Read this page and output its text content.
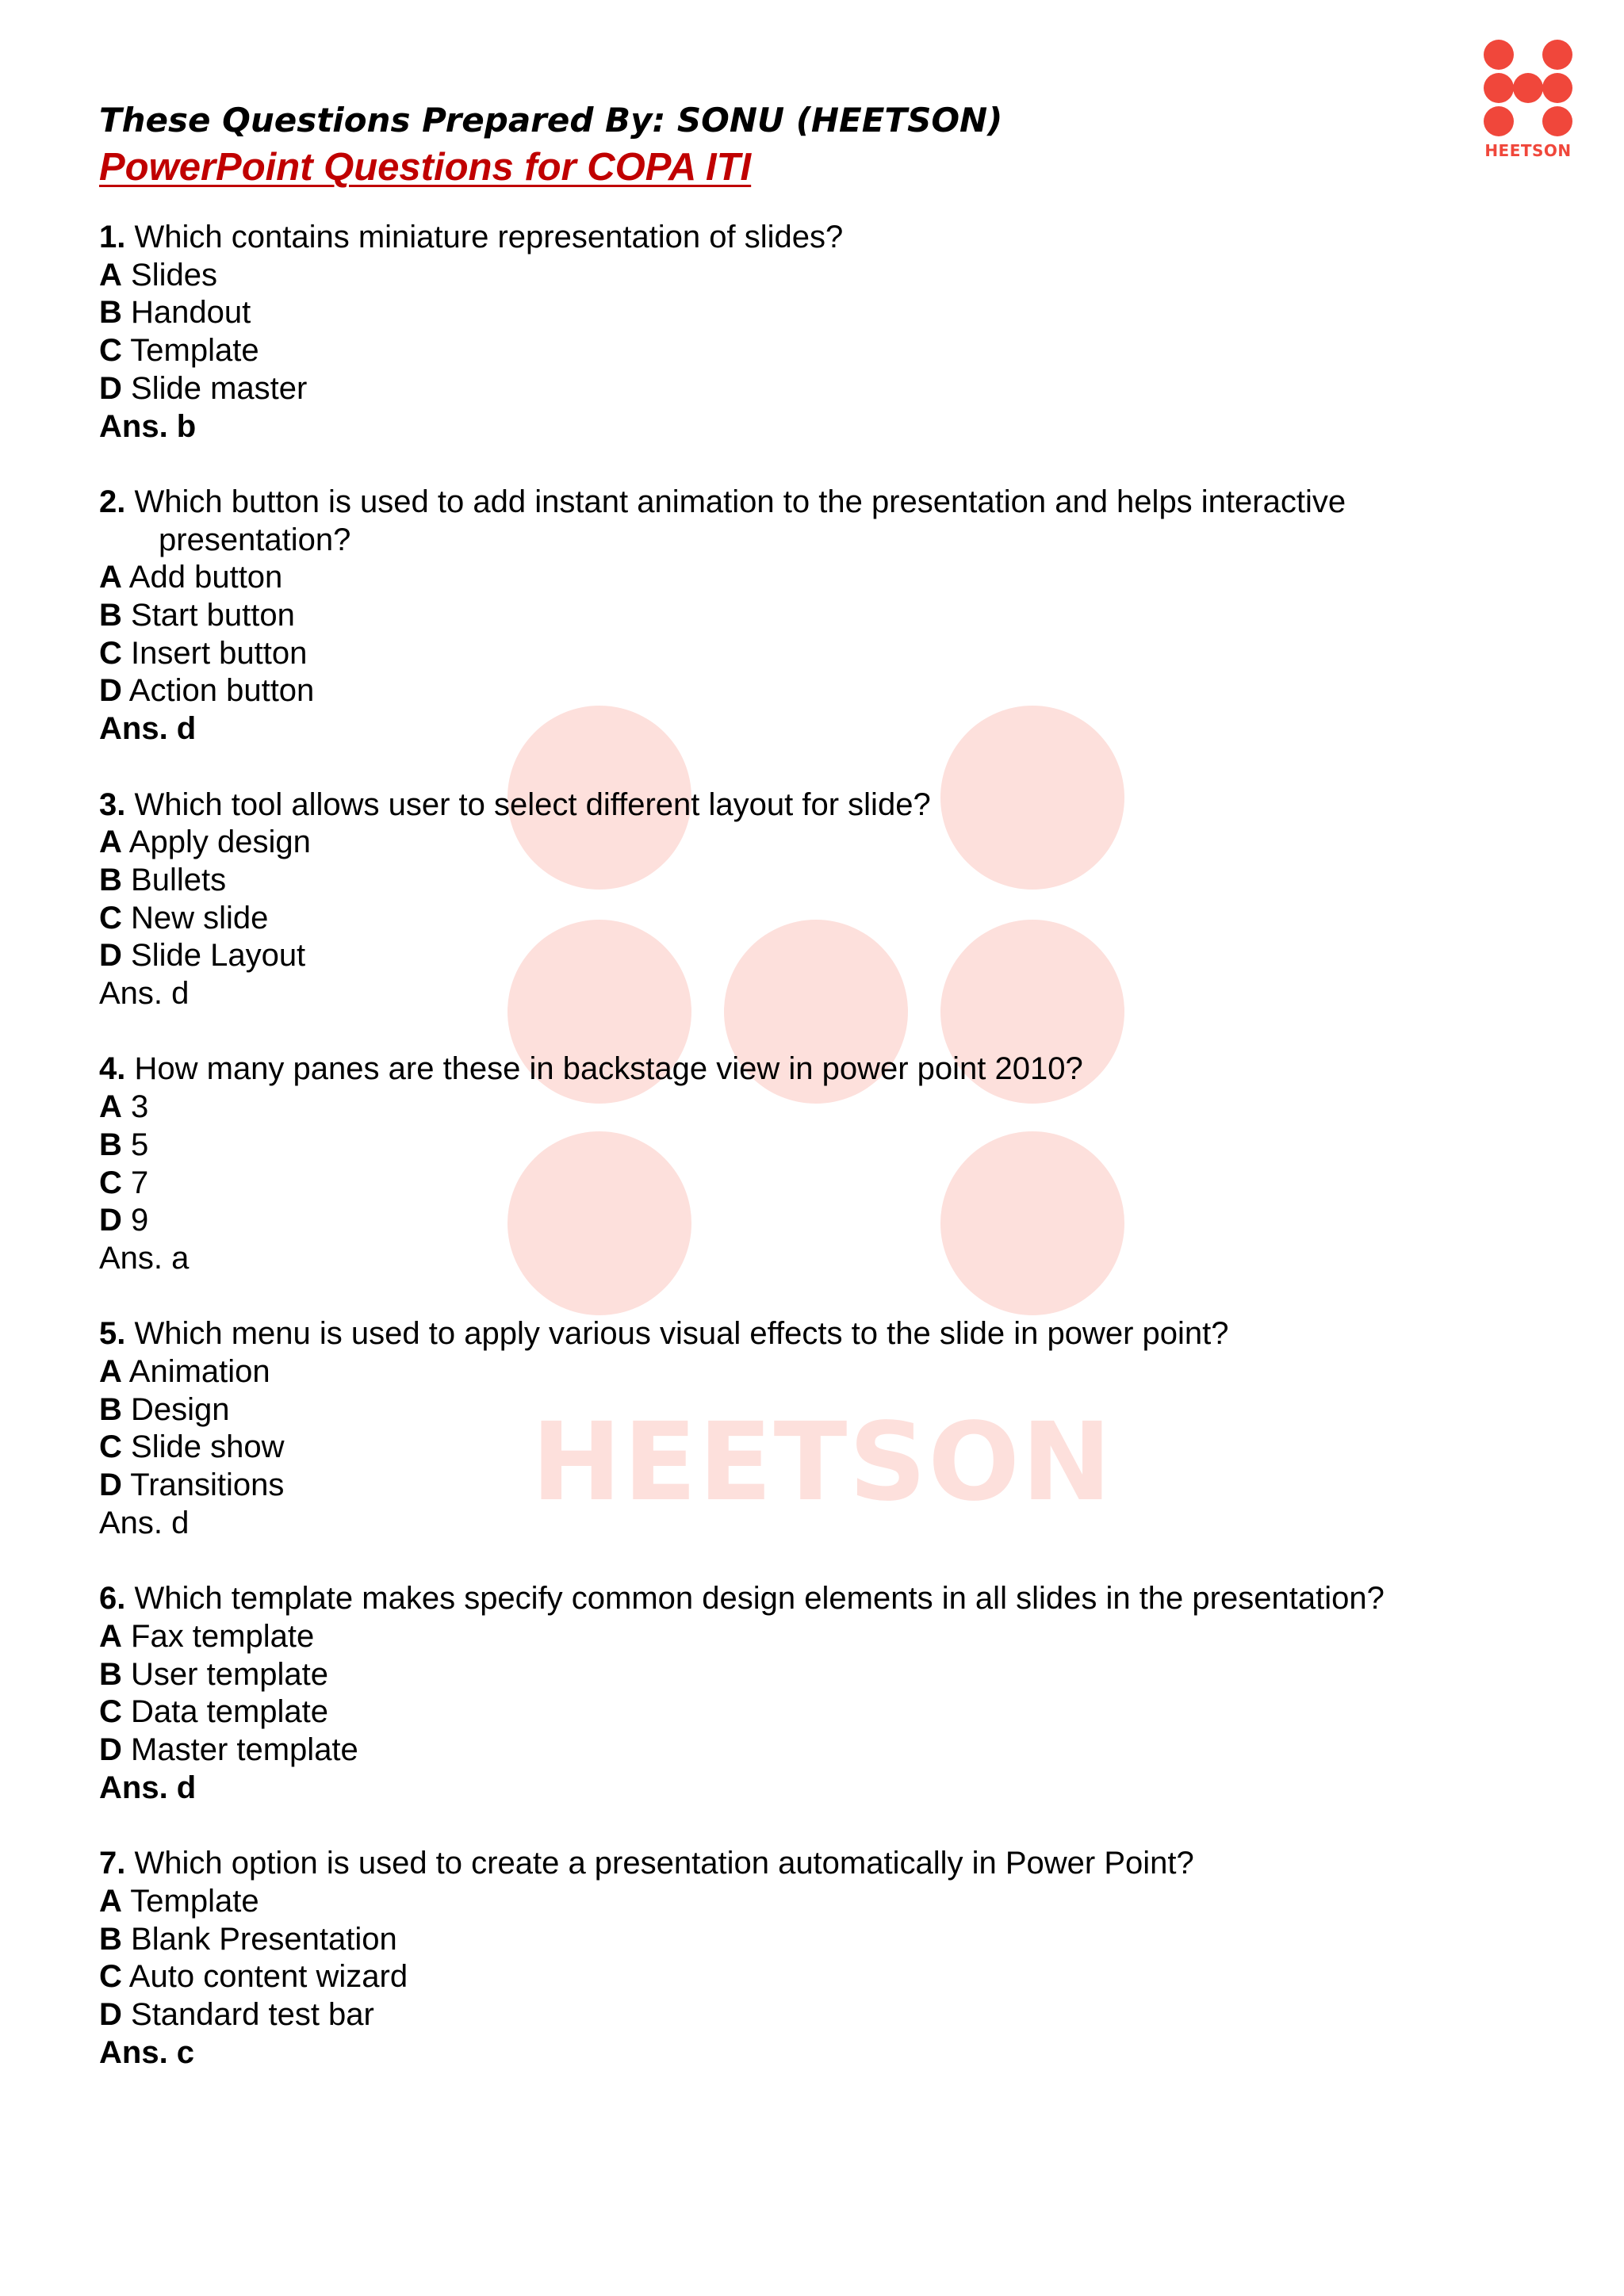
HEETSON
HEETSON

These Questions Prepared By: SONU (HEETSON)

PowerPoint Questions for COPA ITI

1. Which contains miniature representation of slides?
A Slides
B Handout
C Template
D Slide master
Ans. b
2. Which button is used to add instant animation to the presentation and helps interactive presentation?
A Add button
B Start button
C Insert button
D Action button
Ans. d
3. Which tool allows user to select different layout for slide?
A Apply design
B Bullets
C New slide
D Slide Layout
Ans. d
4. How many panes are these in backstage view in power point 2010?
A 3
B 5
C 7
D 9
Ans. a
5. Which menu is used to apply various visual effects to the slide in power point?
A Animation
B Design
C Slide show
D Transitions
Ans. d
6. Which template makes specify common design elements in all slides in the presentation?
A Fax template
B User template
C Data template
D Master template
Ans. d
7. Which option is used to create a presentation automatically in Power Point?
A Template
B Blank Presentation
C Auto content wizard
D Standard test bar
Ans. c
